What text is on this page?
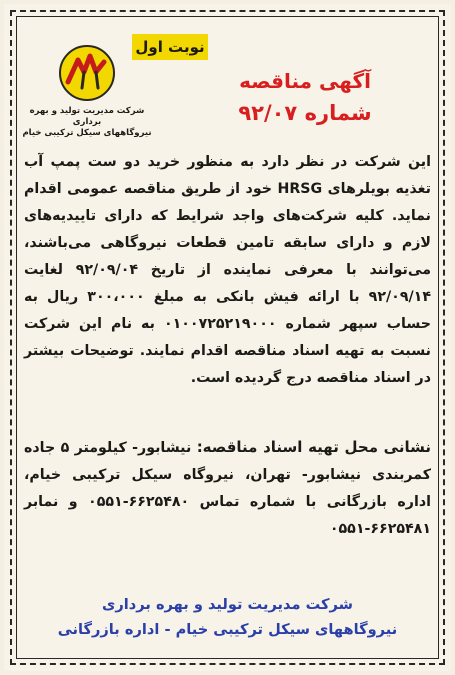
نوبت اول
شرکت مدیریت تولید و بهره برداری
نیروگاههای سیکل ترکیبی خیام
آگهی مناقصه
شماره ۹۲/۰۷
این شرکت در نظر دارد به منظور خرید دو ست پمپ آب تغذیه بویلرهای HRSG خود از طریق مناقصه عمومی اقدام نماید. کلیه شرکت‌های واجد شرایط که دارای تاییدیه‌های لازم و دارای سابقه تامین قطعات نیروگاهی می‌باشند، می‌توانند با معرفی نماینده از تاریخ ۹۲/۰۹/۰۴ لغایت ۹۲/۰۹/۱۴ با ارائه فیش بانکی به مبلغ ۳۰۰،۰۰۰ ریال به حساب سپهر شماره ۰۱۰۰۷۲۵۲۱۹۰۰۰ به نام این شرکت نسبت به تهیه اسناد مناقصه اقدام نمایند. توضیحات بیشتر در اسناد مناقصه درج گردیده است.
نشانی محل تهیه اسناد مناقصه: نیشابور- کیلومتر ۵ جاده کمربندی نیشابور- تهران، نیروگاه سیکل ترکیبی خیام، اداره بازرگانی با شماره تماس ۶۶۲۵۴۸۰-۰۵۵۱ و نمابر ۶۶۲۵۴۸۱-۰۵۵۱
شرکت مدیریت تولید و بهره برداری
نیروگاههای سیکل ترکیبی خیام - اداره بازرگانی
